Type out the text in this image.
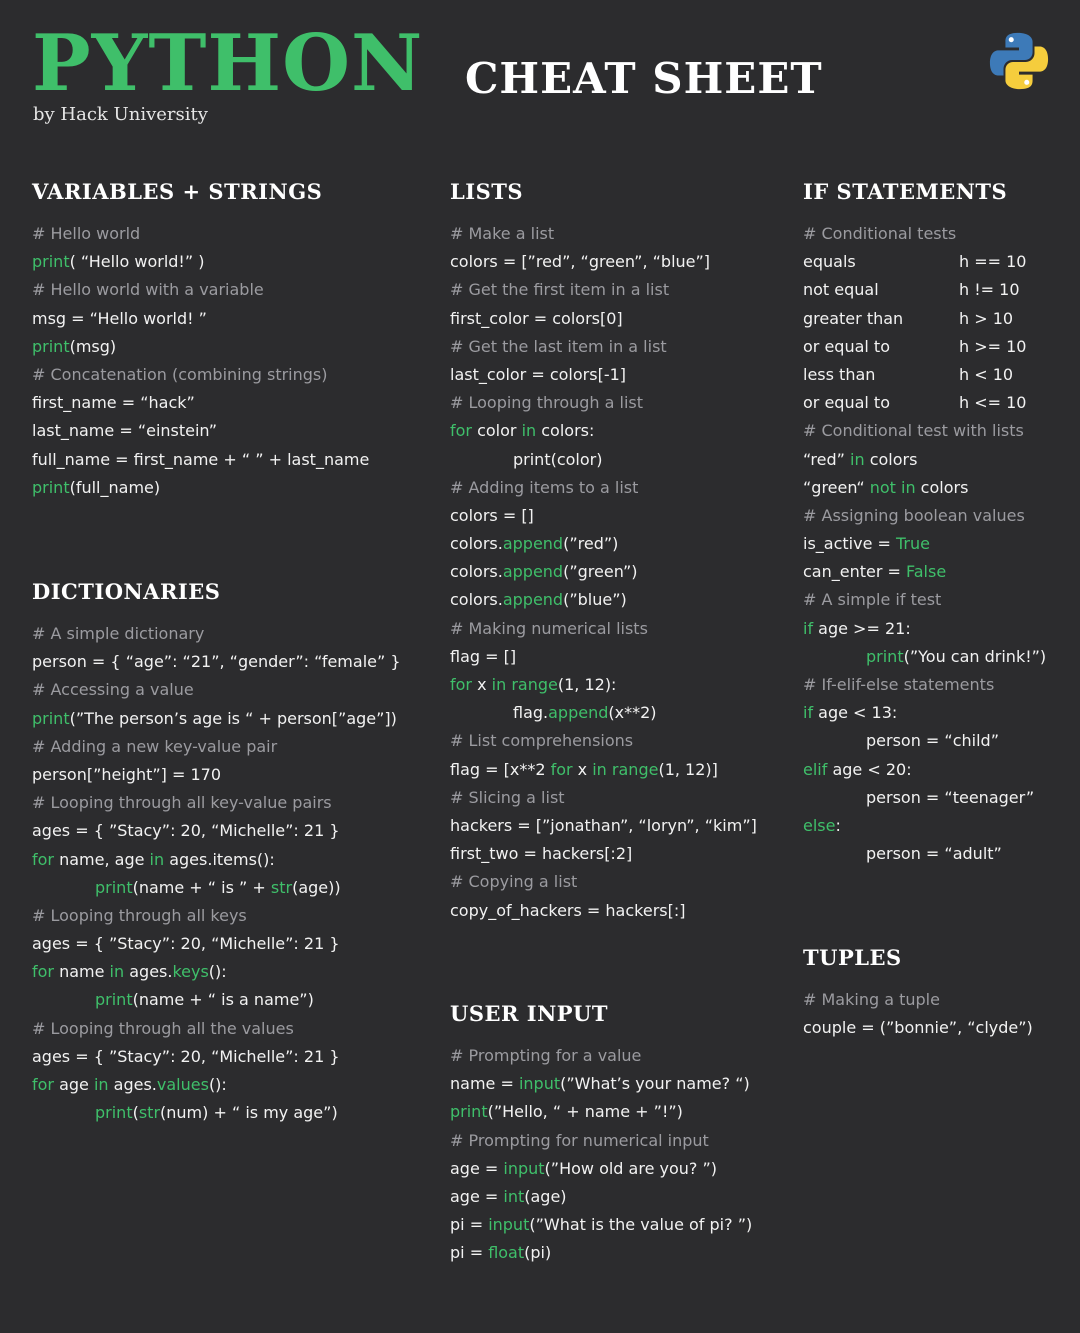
PYTHON CHEAT SHEET
by Hack University
VARIABLES + STRINGS
# Hello world
print( “Hello world!” )
# Hello world with a variable
msg = “Hello world! ”
print(msg)
# Concatenation (combining strings)
first_name = “hack”
last_name = “einstein”
full_name = first_name + “ ” + last_name
print(full_name)
DICTIONARIES
# A simple dictionary
person = { “age”: “21”, “gender”: “female” }
# Accessing a value
print(”The person’s age is “ + person[”age”])
# Adding a new key-value pair
person[”height”] = 170
# Looping through all key-value pairs
ages = { ”Stacy”: 20, “Michelle”: 21 }
for name, age in ages.items():
print(name + “ is ” + str(age))
# Looping through all keys
ages = { ”Stacy”: 20, “Michelle”: 21 }
for name in ages.keys():
print(name + “ is a name”)
# Looping through all the values
ages = { ”Stacy”: 20, “Michelle”: 21 }
for age in ages.values():
print(str(num) + “ is my age”)
LISTS
# Make a list
colors = [”red”, “green”, “blue”]
# Get the first item in a list
first_color = colors[0]
# Get the last item in a list
last_color = colors[-1]
# Looping through a list
for color in colors:
print(color)
# Adding items to a list
colors = []
colors.append(”red”)
colors.append(”green”)
colors.append(”blue”)
# Making numerical lists
flag = []
for x in range(1, 12):
flag.append(x**2)
# List comprehensions
flag = [x**2 for x in range(1, 12)]
# Slicing a list
hackers = [”jonathan”, “loryn”, “kim”]
first_two = hackers[:2]
# Copying a list
copy_of_hackers = hackers[:]
USER INPUT
# Prompting for a value
name = input(”What’s your name? “)
print(”Hello, “ + name + ”!”)
# Prompting for numerical input
age = input(”How old are you? ”)
age = int(age)
pi = input(”What is the value of pi? ”)
pi = float(pi)
IF STATEMENTS
# Conditional tests
equals	h == 10
not equal	h != 10
greater than	h > 10
or equal to	h >= 10
less than	h < 10
or equal to	h <= 10
# Conditional test with lists
“red” in colors
“green“ not in colors
# Assigning boolean values
is_active = True
can_enter = False
# A simple if test
if age >= 21:
print(”You can drink!”)
# If-elif-else statements
if age < 13:
person = “child”
elif age < 20:
person = “teenager”
else:
person = “adult”
TUPLES
# Making a tuple
couple = (”bonnie”, “clyde”)
